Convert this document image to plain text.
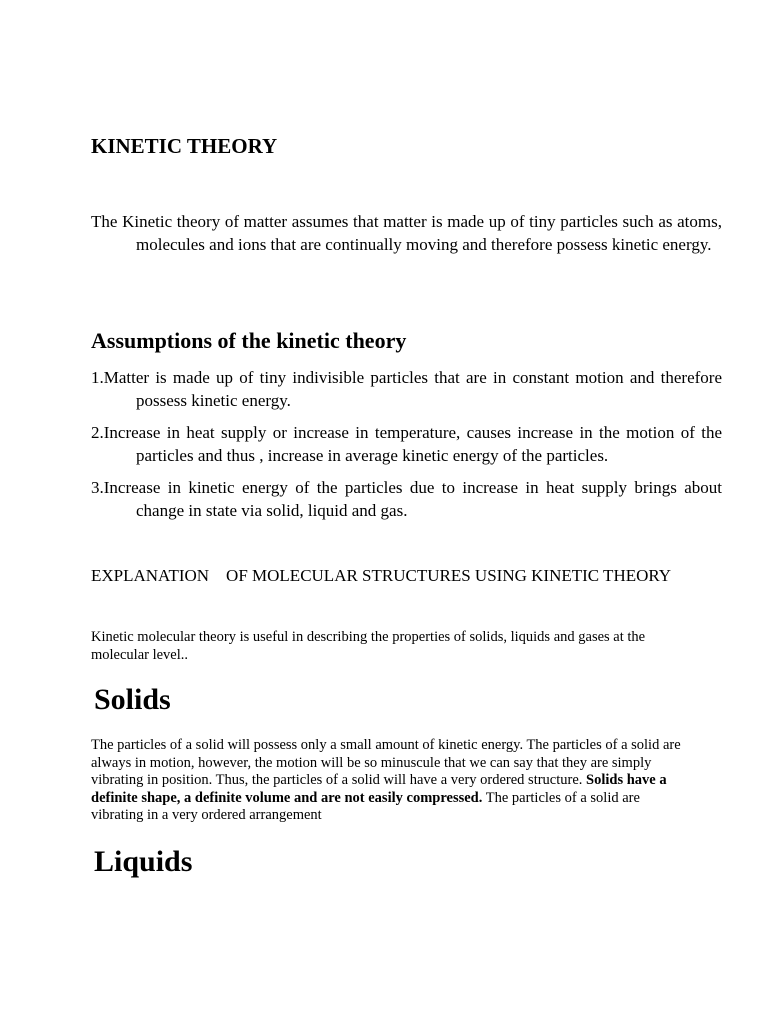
KINETIC THEORY

The Kinetic theory of matter assumes that matter is made up of tiny particles such as atoms, molecules and ions that are continually moving and therefore possess kinetic energy.

Assumptions of the kinetic theory

1.Matter is made up of tiny indivisible particles that are in constant motion and therefore possess kinetic energy.

2.Increase in heat supply or increase in temperature, causes increase in the motion of the particles and thus , increase in average kinetic energy of the particles.

3.Increase in kinetic energy of the particles due to increase in heat supply brings about change in state via solid, liquid and gas.

EXPLANATION    OF MOLECULAR STRUCTURES USING KINETIC THEORY

Kinetic molecular theory is useful in describing the properties of solids, liquids and gases at the molecular level..

Solids

The particles of a solid will possess only a small amount of kinetic energy. The particles of a solid are always in motion, however, the motion will be so minuscule that we can say that they are simply vibrating in position. Thus, the particles of a solid will have a very ordered structure. Solids have a definite shape, a definite volume and are not easily compressed. The particles of a solid are vibrating in a very ordered arrangement

Liquids
